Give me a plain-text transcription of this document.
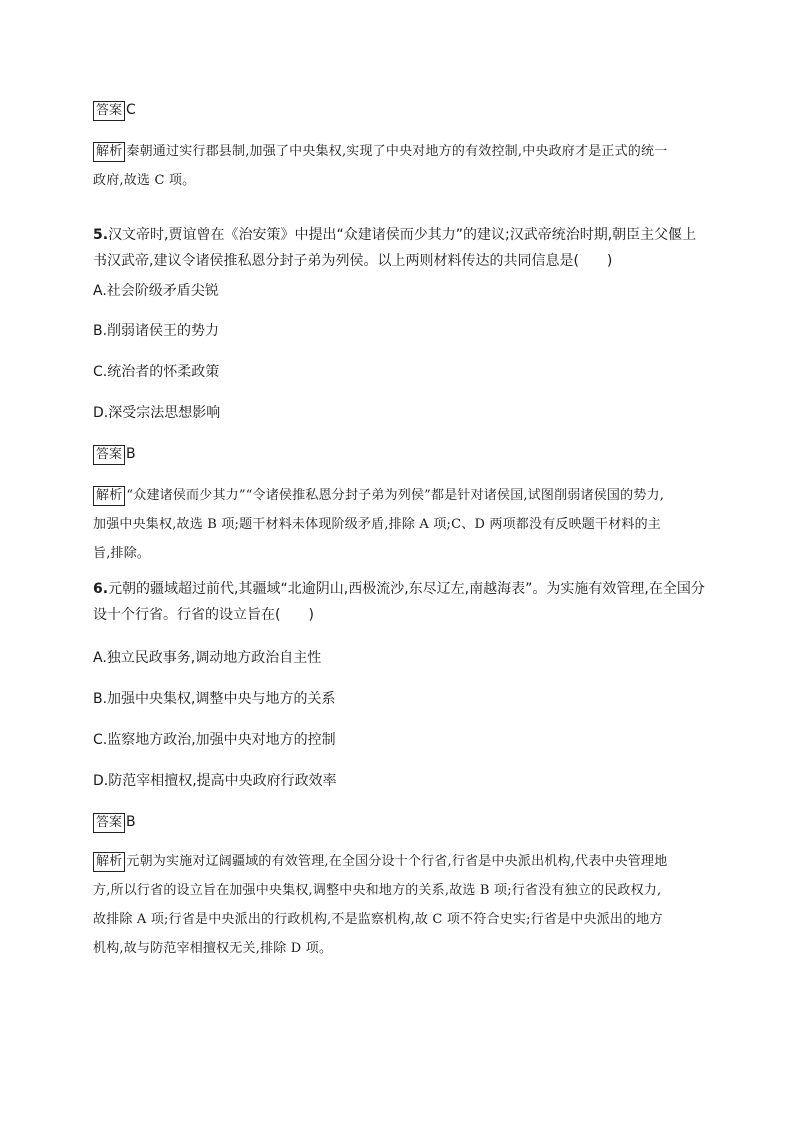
答案 C
解析 秦朝通过实行郡县制,加强了中央集权,实现了中央对地方的有效控制,中央政府才是正式的统一
政府,故选 C 项。
5.汉文帝时,贾谊曾在《治安策》中提出“众建诸侯而少其力”的建议;汉武帝统治时期,朝臣主父偃上
书汉武帝,建议令诸侯推私恩分封子弟为列侯。以上两则材料传达的共同信息是(　　)
A.社会阶级矛盾尖锐
B.削弱诸侯王的势力
C.统治者的怀柔政策
D.深受宗法思想影响
答案 B
解析 “众建诸侯而少其力”“令诸侯推私恩分封子弟为列侯”都是针对诸侯国,试图削弱诸侯国的势力,
加强中央集权,故选 B 项;题干材料未体现阶级矛盾,排除 A 项;C、D 两项都没有反映题干材料的主
旨,排除。
6.元朝的疆域超过前代,其疆域“北逾阴山,西极流沙,东尽辽左,南越海表”。为实施有效管理,在全国分
设十个行省。行省的设立旨在(　　)
A.独立民政事务,调动地方政治自主性
B.加强中央集权,调整中央与地方的关系
C.监察地方政治,加强中央对地方的控制
D.防范宰相擅权,提高中央政府行政效率
答案 B
解析 元朝为实施对辽阔疆域的有效管理,在全国分设十个行省,行省是中央派出机构,代表中央管理地
方,所以行省的设立旨在加强中央集权,调整中央和地方的关系,故选 B 项;行省没有独立的民政权力,
故排除 A 项;行省是中央派出的行政机构,不是监察机构,故 C 项不符合史实;行省是中央派出的地方
机构,故与防范宰相擅权无关,排除 D 项。
